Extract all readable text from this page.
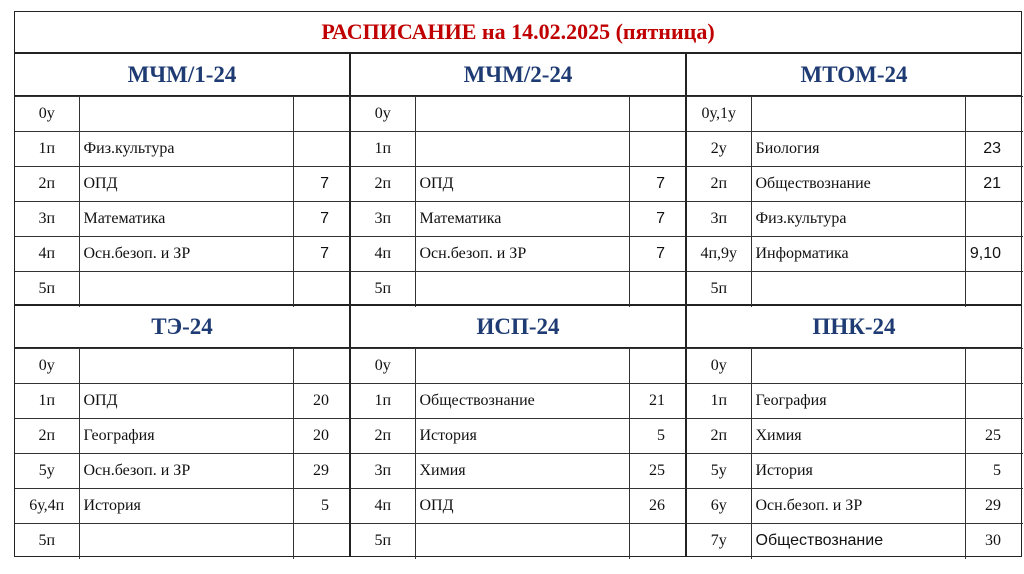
РАСПИСАНИЕ на 14.02.2025 (пятница)
МЧМ/1-24
0у		
1п	Физ.культура	
2п	ОПД	7
3п	Математика	7
4п	Осн.безоп. и ЗР	7
5п		
МЧМ/2-24
0у		
1п		
2п	ОПД	7
3п	Математика	7
4п	Осн.безоп. и ЗР	7
5п		
МТОМ-24
0у,1у		
2у	Биология	23
2п	Обществознание	21
3п	Физ.культура	
4п,9у	Информатика	9,10
5п		
ТЭ-24
0у		
1п	ОПД	20
2п	География	20
5у	Осн.безоп. и ЗР	29
6у,4п	История	5
5п		
ИСП-24
0у		
1п	Обществознание	21
2п	История	5
3п	Химия	25
4п	ОПД	26
5п		
ПНК-24
0у		
1п	География	
2п	Химия	25
5у	История	5
6у	Осн.безоп. и ЗР	29
7у	Обществознание	30
